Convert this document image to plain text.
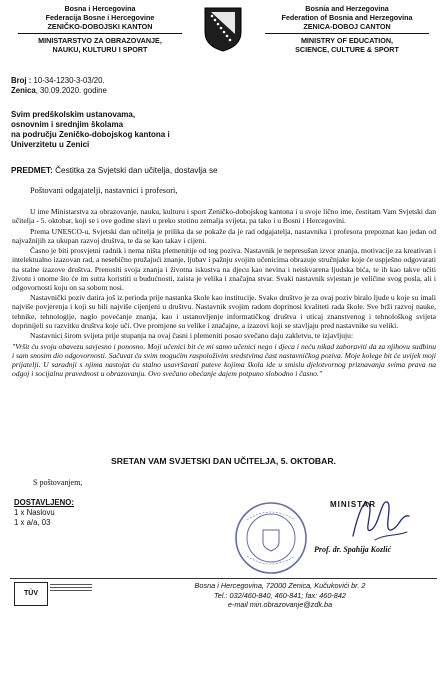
Bosna i Hercegovina
Federacija Bosne i Hercegovine
ZENIČKO-DOBOJSKI KANTON
MINISTARSTVO ZA OBRAZOVANJE,
NAUKU, KULTURU I SPORT
Bosnia and Herzegovina
Federation of Bosnia and Herzegovina
ZENICA-DOBOJ CANTON
MINISTRY OF EDUCATION,
SCIENCE, CULTURE & SPORT
Broj : 10-34-1230-3-03/20.
Zenica, 30.09.2020. godine
Svim predškolskim ustanovama,
osnovnim i srednjim školama
na području Zeničko-dobojskog kantona i
Univerzitetu u Zenici
PREDMET: Čestitka za Svjetski dan učitelja, dostavlja se
Poštovani odgajatelji, nastavnici i profesori,

U ime Ministarstva za obrazovanje, nauku, kulturu i sport Zeničko-dobojskog kantona i u svoje lično ime, čestitam Vam Svjetski dan učitelja - 5. oktobar, koji se i ove godine slavi u preko stotinu zemalja svijeta, pa tako i u Bosni i Hercegovini.

Prema UNESCO-u, Svjetski dan učitelja je prilika da se pokaže da je rad odgajatelja, nastavnika i profesora prepoznat kao jedan od najvažnijih za ukupan razvoj društva, te da se kao takav i cijeni.

Časno je biti prosvjetni radnik i nema ništa plemenitije od tog poziva. Nastavnik je nepresušan izvor znanja, motivacije za kreativan i intelektualno izazovan rad, a nesebično pružajući znanje, ljubav i pažnju svojim učenicima obrazuje stručnjake koje će uspješno odgovarati na stalne izazove društva. Prenositi svoja znanja i životna iskustva na djecu kao nevina i neiskvarena ljudska bića, te ih kao takve učiti životu i onome što će im sutra koristiti u budućnosti, zaista je velika i značajna stvar. Svaki nastavnik svjestan je veličine svog posla, ali i odgovornosti koju on sa sobom nosi.

Nastavnički poziv datira još iz perioda prije nastanka škole kao institucije. Svako društvo je za ovaj poziv biralo ljude u koje su imali najviše povjerenja i koji su bili najviše cijenjeni u društvu. Nastavnik svojim radom doprinosi kvaliteti rada škole. Sve brži razvoj nauke, tehnike, tehnologije, naglo povećanje znanja, kao i ustanovljenje informatičkog društva i uticaj znanstvenog i tehnološkog svijeta doprinijeli su razvitku društva koje uči. Ove promjene su velike i značajne, a izazovi koji se stavljaju pred nastavnike su veliki.

Nastavnici širom svijeta prije stupanja na ovaj časni i plemeniti posao svečano daju zakletvu, te izjavljuju:

"Vršit ću svoju obavezu savjesno i ponosno. Moji učenici bit će mi samo učenici nego i djeca i neću nikad zaboraviti da za njihovu sudbinu i sam snosim dio odgovornosti. Sačuvat ću svim mogućim raspoloživim sredstvima čast nastavničkog poziva. Moje kolege bit će uvijek moji prijatelji. U saradnji s njima nastojat ću stalno usavršavati puteve kojima škola ide u smislu djelotvornog priznavanja svima prava na odgoj i socijalnu pravednost u obrazovanju. Ovo svečano obećanje dajem potpuno slobodno i časno."

SRETAN VAM SVJETSKI DAN UČITELJA, 5. OKTOBAR.
S poštovanjem,
DOSTAVLJENO:
1 x Naslovu
1 x a/a, 03
MINISTAR
Prof. dr. Spahija Kozlić
TÜV
Bosna i Hercegovina, 72000 Zenica, Kučukovići br. 2
Tel.: 032/460-840, 460-841; fax: 460-842
e-mail min.obrazovanje@zdk.ba
